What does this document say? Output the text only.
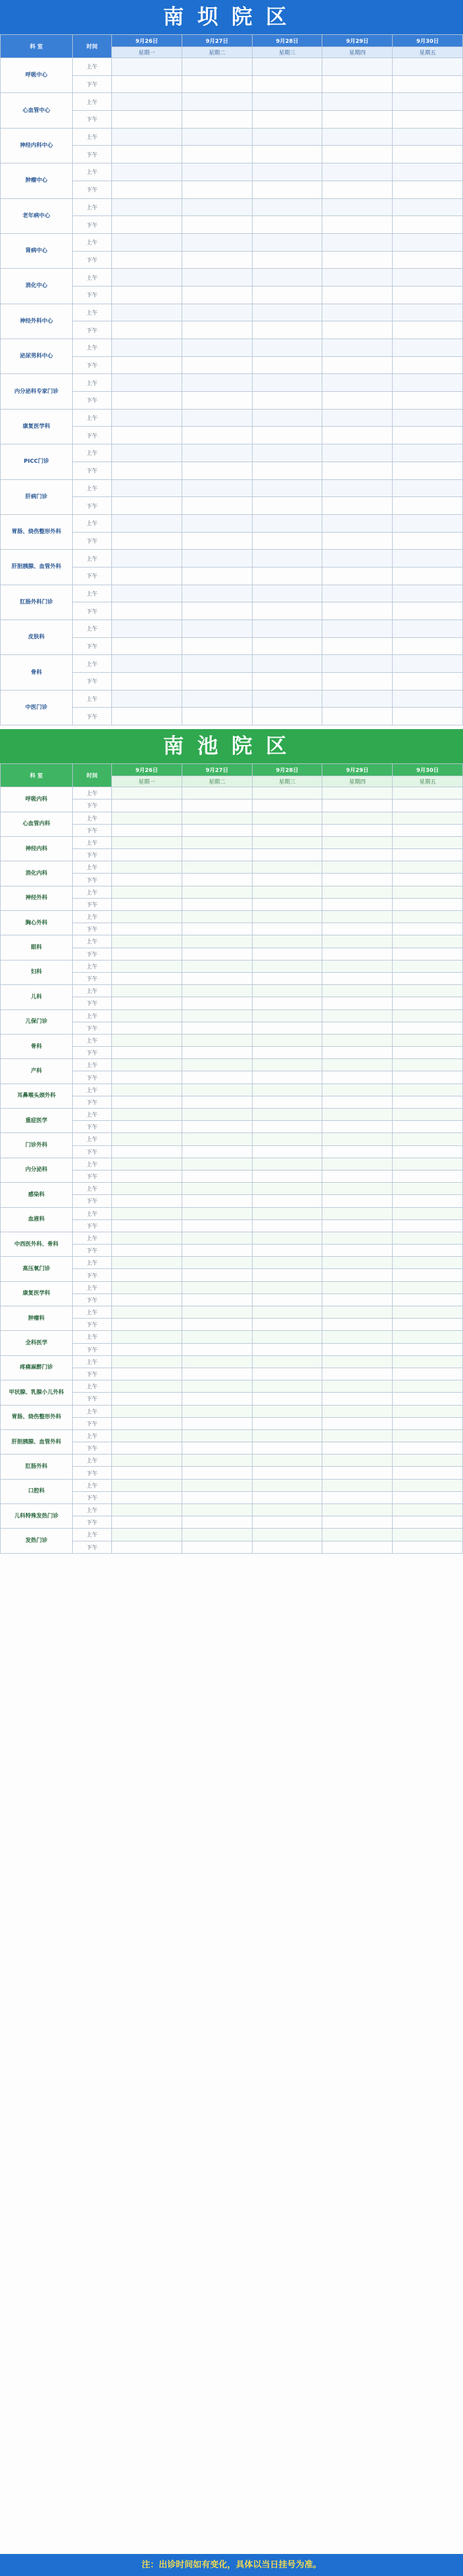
南坝院区
科 室	时间	9月26日	9月27日	9月28日	9月29日	9月30日
		星期一	星期二	星期三	星期四	星期五
呼吸中心	上午					
	下午					
心血管中心	上午					
	下午					
神经内科中心	上午					
	下午					
肿瘤中心	上午					
	下午					
老年病中心	上午					
	下午					
肾病中心	上午					
	下午					
消化中心	上午					
	下午					
神经外科中心	上午					
	下午					
泌尿男科中心	上午					
	下午					
内分泌科专家门诊	上午					
	下午					
康复医学科	上午					
	下午					
PICC门诊	上午					
	下午					
肝病门诊	上午					
	下午					
胃肠、烧伤整形外科	上午					
	下午					
肝胆胰腺、血管外科	上午					
	下午					
肛肠外科门诊	上午					
	下午					
皮肤科	上午					
	下午					
骨科	上午					
	下午					
中医门诊	上午					
	下午					
南池院区
科 室	时间	9月26日	9月27日	9月28日	9月29日	9月30日
		星期一	星期二	星期三	星期四	星期五
呼吸内科	上午					
	下午					
心血管内科	上午					
	下午					
神经内科	上午					
	下午					
消化内科	上午					
	下午					
神经外科	上午					
	下午					
胸心外科	上午					
	下午					
眼科	上午					
	下午					
妇科	上午					
	下午					
儿科	上午					
	下午					
儿保门诊	上午					
	下午					
骨科	上午					
	下午					
产科	上午					
	下午					
耳鼻喉头颈外科	上午					
	下午					
重症医学	上午					
	下午					
门诊外科	上午					
	下午					
内分泌科	上午					
	下午					
感染科	上午					
	下午					
血液科	上午					
	下午					
中西医外科、骨科	上午					
	下午					
高压氧门诊	上午					
	下午					
康复医学科	上午					
	下午					
肿瘤科	上午					
	下午					
全科医学	上午					
	下午					
疼痛麻醉门诊	上午					
	下午					
甲状腺、乳腺小儿外科	上午					
	下午					
胃肠、烧伤整形外科	上午					
	下午					
肝胆胰腺、血管外科	上午					
	下午					
肛肠外科	上午					
	下午					
口腔科	上午					
	下午					
儿科特殊发热门诊	上午					
	下午					
发热门诊	上午					
	下午					
注：出诊时间如有变化，具体以当日挂号为准。
